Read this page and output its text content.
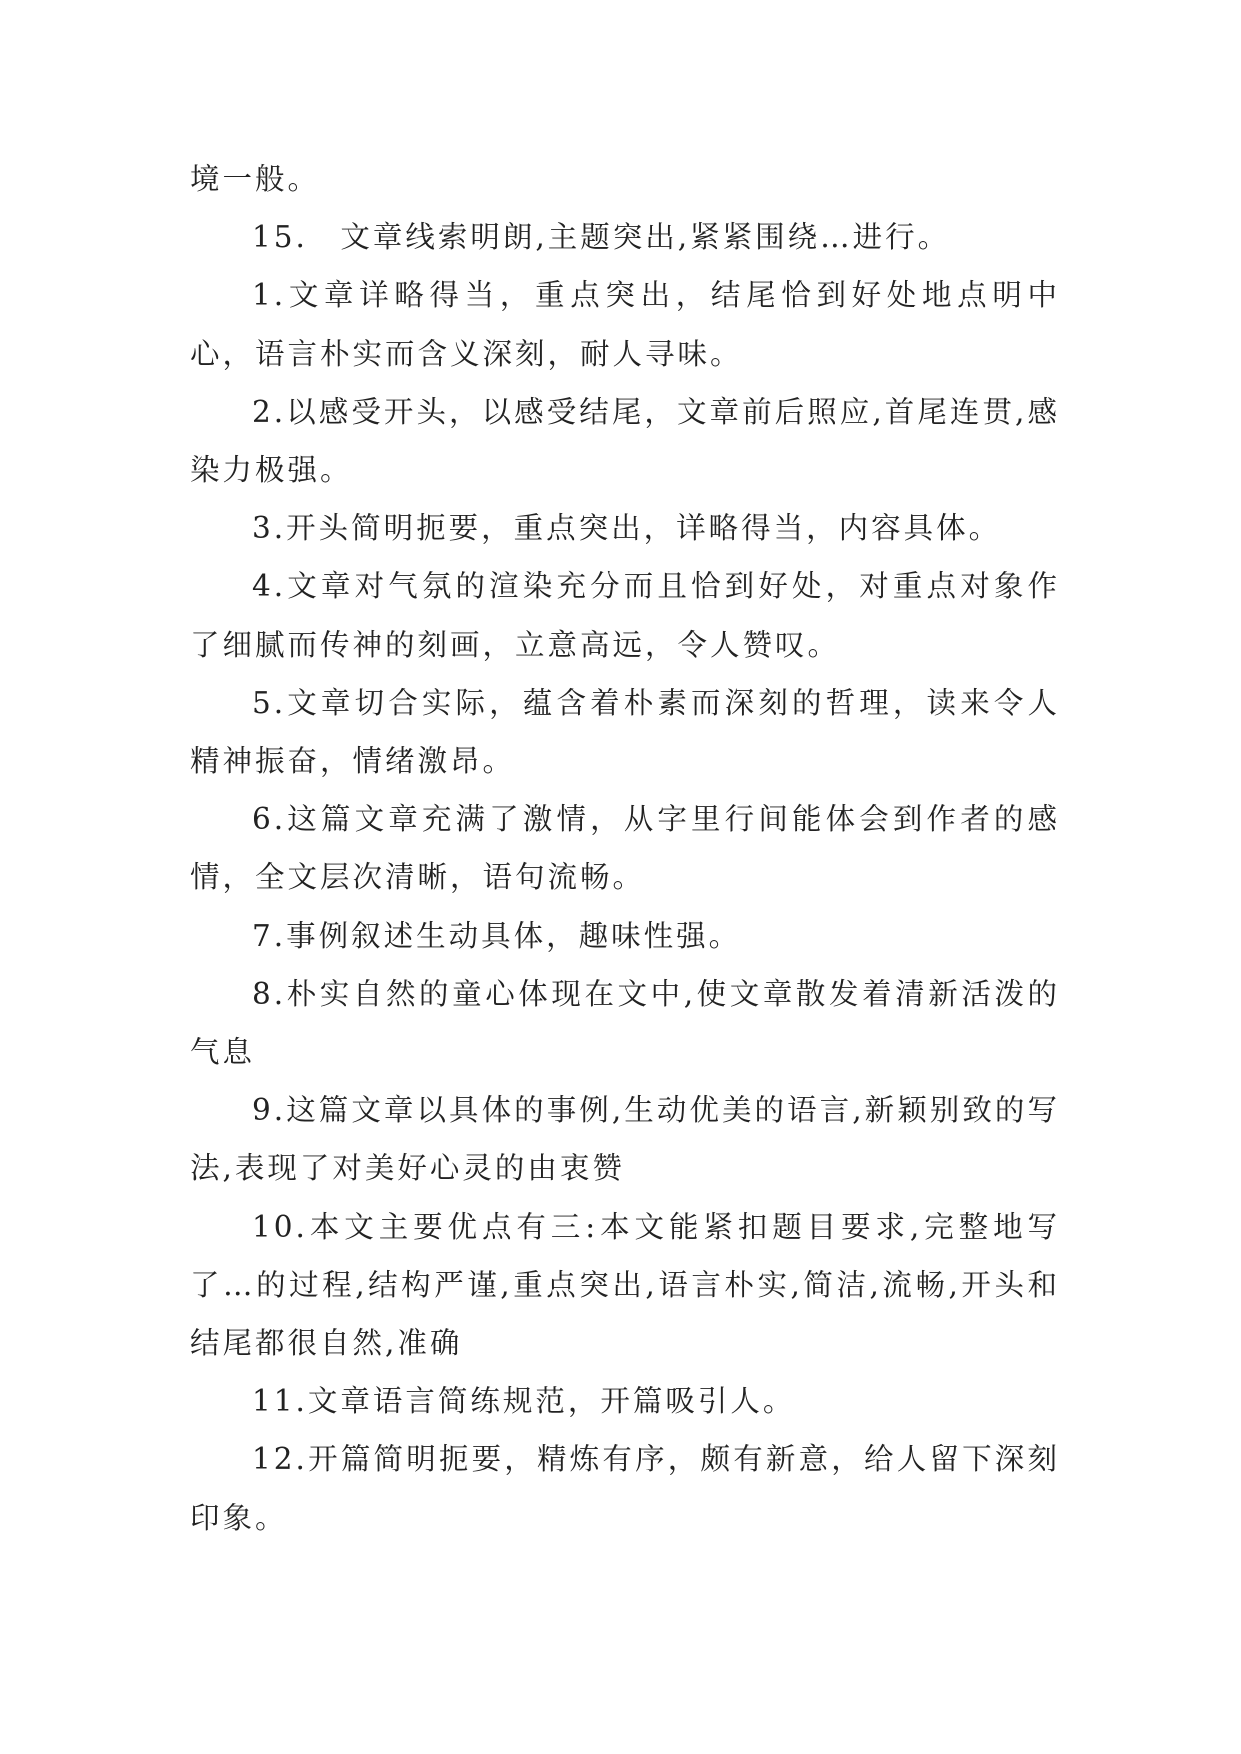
境一般。

15.　文章线索明朗,主题突出,紧紧围绕…进行。

1.文章详略得当，重点突出，结尾恰到好处地点明中心，语言朴实而含义深刻，耐人寻味。

2.以感受开头，以感受结尾，文章前后照应,首尾连贯,感染力极强。

3.开头简明扼要，重点突出，详略得当，内容具体。

4.文章对气氛的渲染充分而且恰到好处，对重点对象作了细腻而传神的刻画，立意高远，令人赞叹。

5.文章切合实际，蕴含着朴素而深刻的哲理，读来令人精神振奋，情绪激昂。

6.这篇文章充满了激情，从字里行间能体会到作者的感情，全文层次清晰，语句流畅。

7.事例叙述生动具体，趣味性强。

8.朴实自然的童心体现在文中,使文章散发着清新活泼的气息

9.这篇文章以具体的事例,生动优美的语言,新颖别致的写法,表现了对美好心灵的由衷赞

10.本文主要优点有三:本文能紧扣题目要求,完整地写了…的过程,结构严谨,重点突出,语言朴实,简洁,流畅,开头和结尾都很自然,准确

11.文章语言简练规范，开篇吸引人。

12.开篇简明扼要，精炼有序，颇有新意，给人留下深刻印象。
